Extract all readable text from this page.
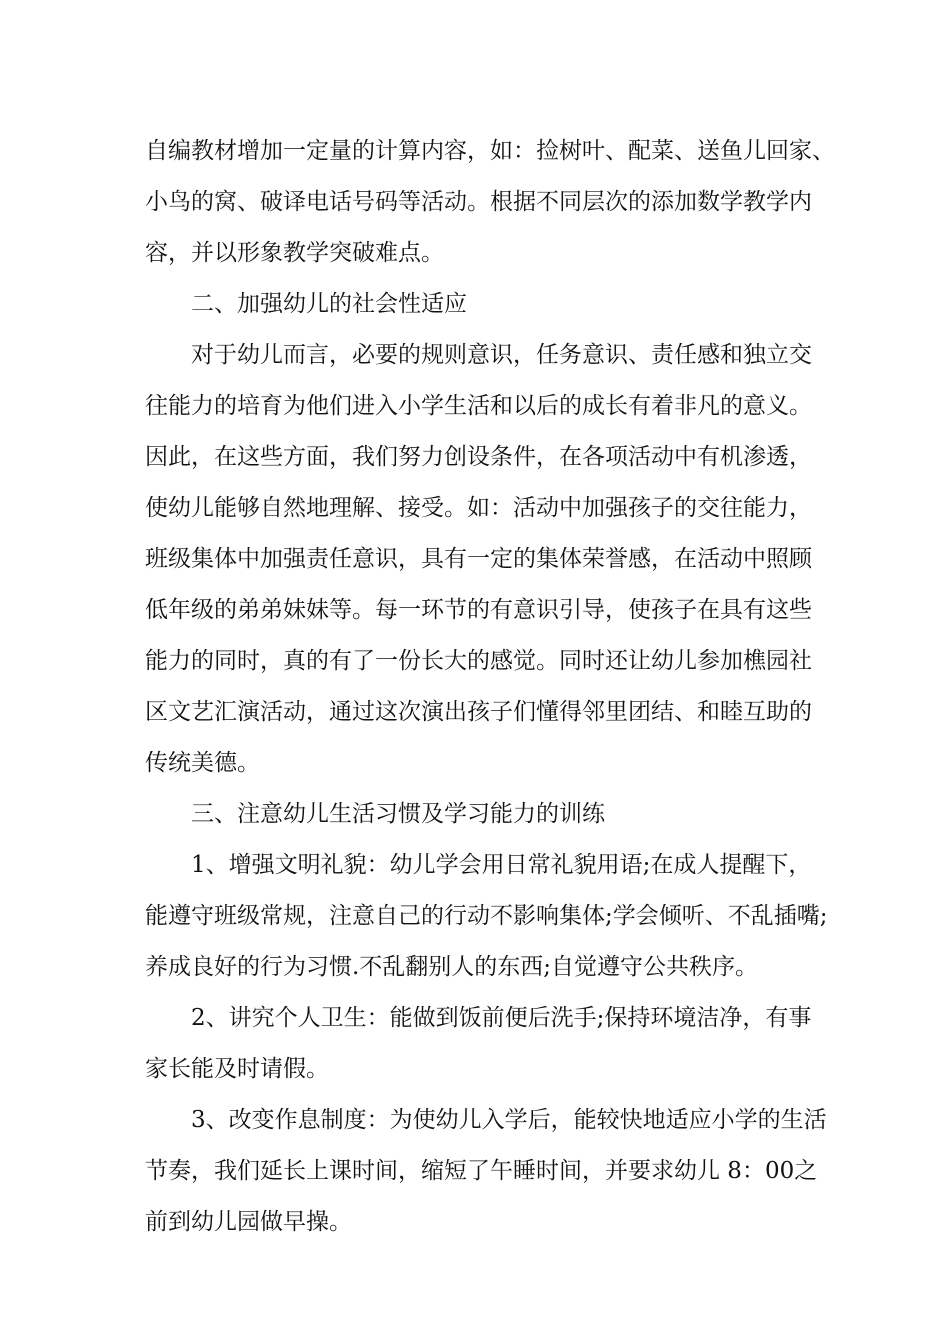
自编教材增加一定量的计算内容，如：捡树叶、配菜、送鱼儿回家、
小鸟的窝、破译电话号码等活动。根据不同层次的添加数学教学内
容，并以形象教学突破难点。
二、加强幼儿的社会性适应
对于幼儿而言，必要的规则意识，任务意识、责任感和独立交
往能力的培育为他们进入小学生活和以后的成长有着非凡的意义。
因此，在这些方面，我们努力创设条件，在各项活动中有机渗透，
使幼儿能够自然地理解、接受。如：活动中加强孩子的交往能力，
班级集体中加强责任意识，具有一定的集体荣誉感，在活动中照顾
低年级的弟弟妹妹等。每一环节的有意识引导，使孩子在具有这些
能力的同时，真的有了一份长大的感觉。同时还让幼儿参加樵园社
区文艺汇演活动，通过这次演出孩子们懂得邻里团结、和睦互助的
传统美德。
三、注意幼儿生活习惯及学习能力的训练
1、增强文明礼貌：幼儿学会用日常礼貌用语;在成人提醒下，
能遵守班级常规，注意自己的行动不影响集体;学会倾听、不乱插嘴;
养成良好的行为习惯.不乱翻别人的东西;自觉遵守公共秩序。
2、讲究个人卫生：能做到饭前便后洗手;保持环境洁净，有事
家长能及时请假。
3、改变作息制度：为使幼儿入学后，能较快地适应小学的生活
节奏，我们延长上课时间，缩短了午睡时间，并要求幼儿 8：00之
前到幼儿园做早操。
